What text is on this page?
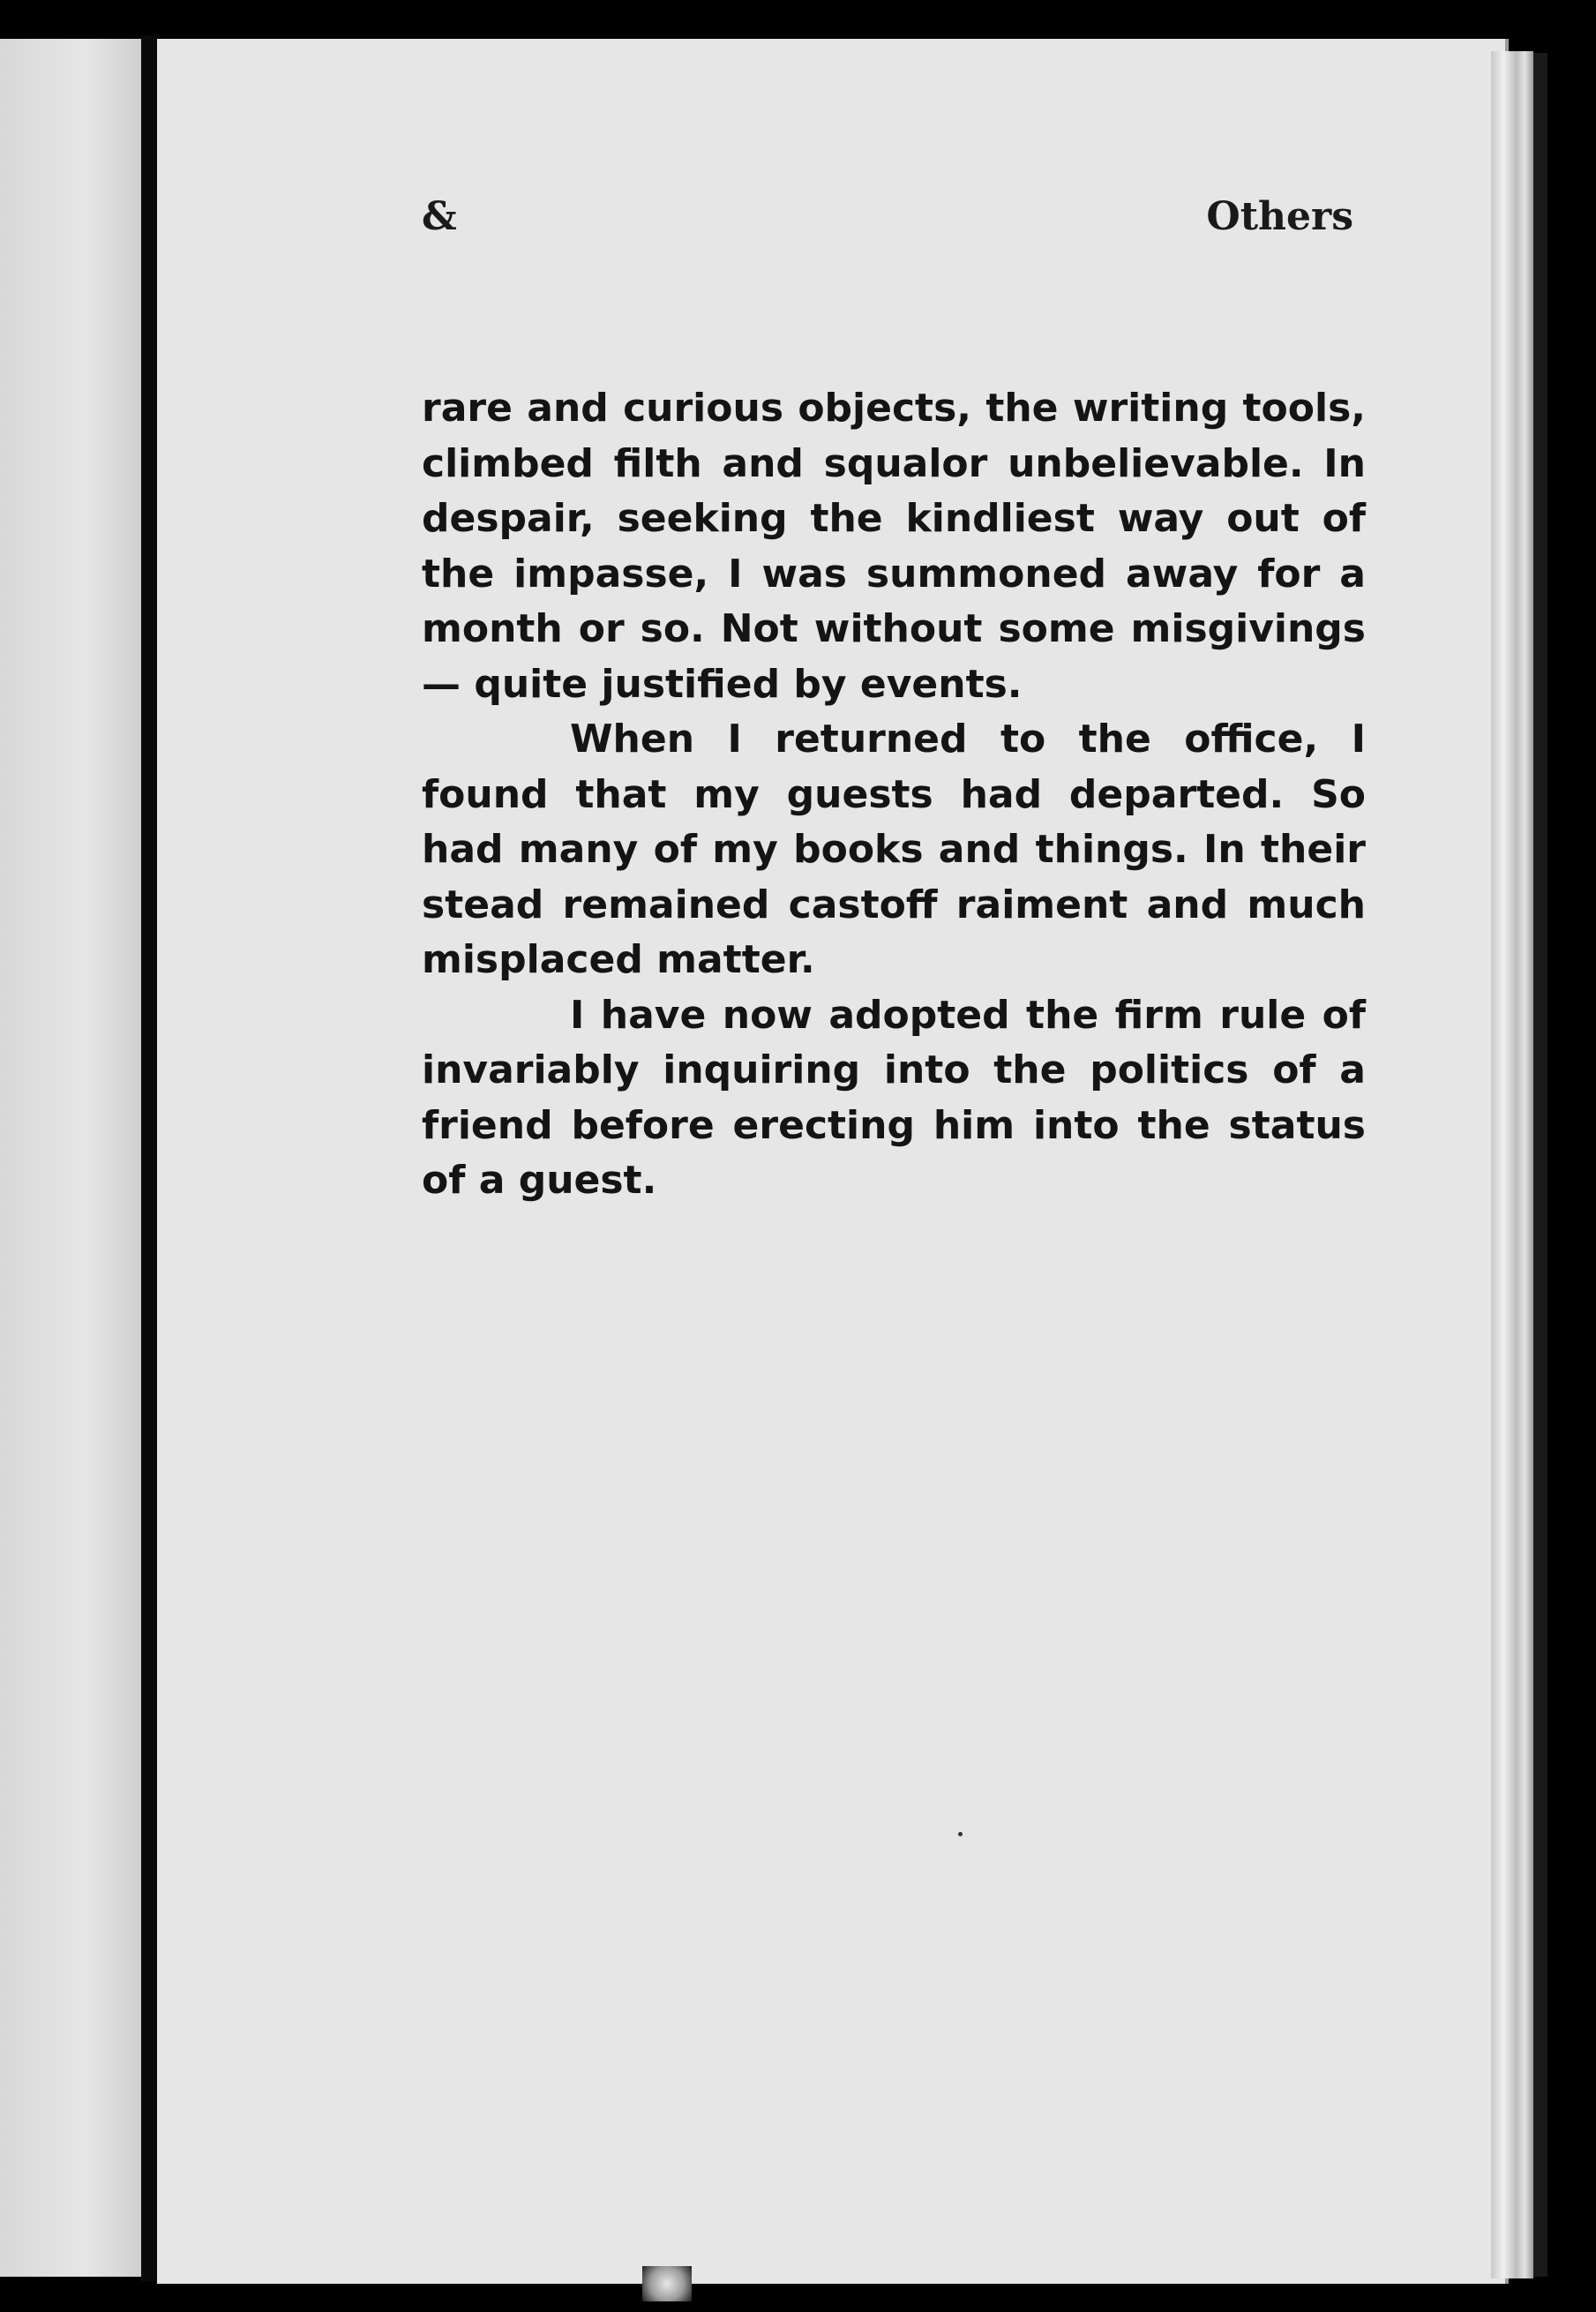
&	Others

rare and curious objects, the writing tools, climbed filth and squalor unbelievable. In despair, seeking the kindliest way out of the impasse, I was summoned away for a month or so. Not without some misgivings — quite justified by events.

When I returned to the office, I found that my guests had departed. So had many of my books and things. In their stead remained castoff raiment and much misplaced matter.

I have now adopted the firm rule of invariably inquiring into the politics of a friend before erecting him into the status of a guest.
